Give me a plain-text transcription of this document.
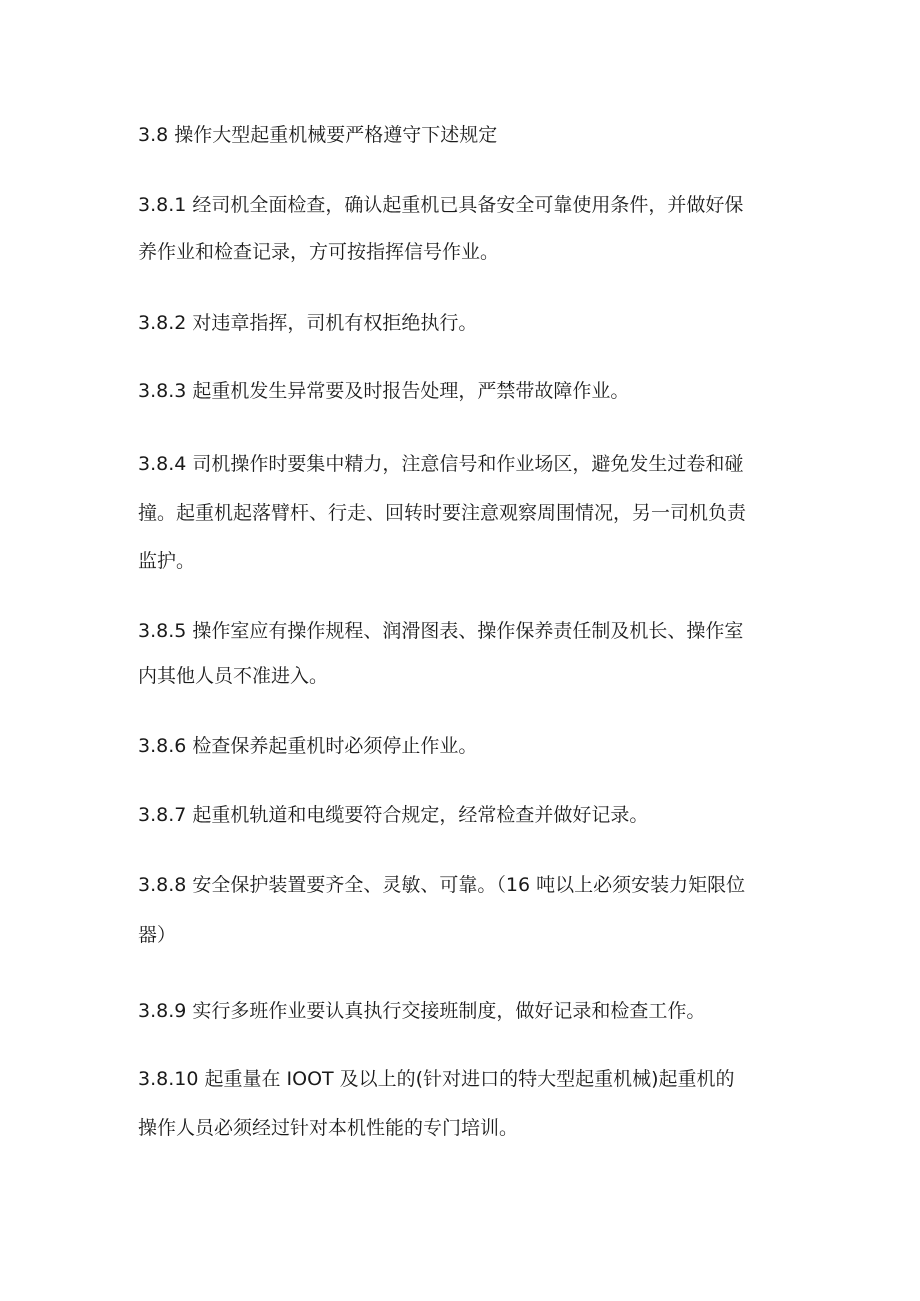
3.8 操作大型起重机械要严格遵守下述规定

3.8.1 经司机全面检查，确认起重机已具备安全可靠使用条件，并做好保

养作业和检查记录，方可按指挥信号作业。

3.8.2 对违章指挥，司机有权拒绝执行。

3.8.3 起重机发生异常要及时报告处理，严禁带故障作业。

3.8.4 司机操作时要集中精力，注意信号和作业场区，避免发生过卷和碰

撞。起重机起落臂杆、行走、回转时要注意观察周围情况，另一司机负责

监护。

3.8.5 操作室应有操作规程、润滑图表、操作保养责任制及机长、操作室

内其他人员不准进入。

3.8.6 检查保养起重机时必须停止作业。

3.8.7 起重机轨道和电缆要符合规定，经常检查并做好记录。

3.8.8 安全保护装置要齐全、灵敏、可靠。（16 吨以上必须安装力矩限位

器）

3.8.9 实行多班作业要认真执行交接班制度，做好记录和检查工作。

3.8.10 起重量在 IOOT 及以上的(针对进口的特大型起重机械)起重机的

操作人员必须经过针对本机性能的专门培训。
